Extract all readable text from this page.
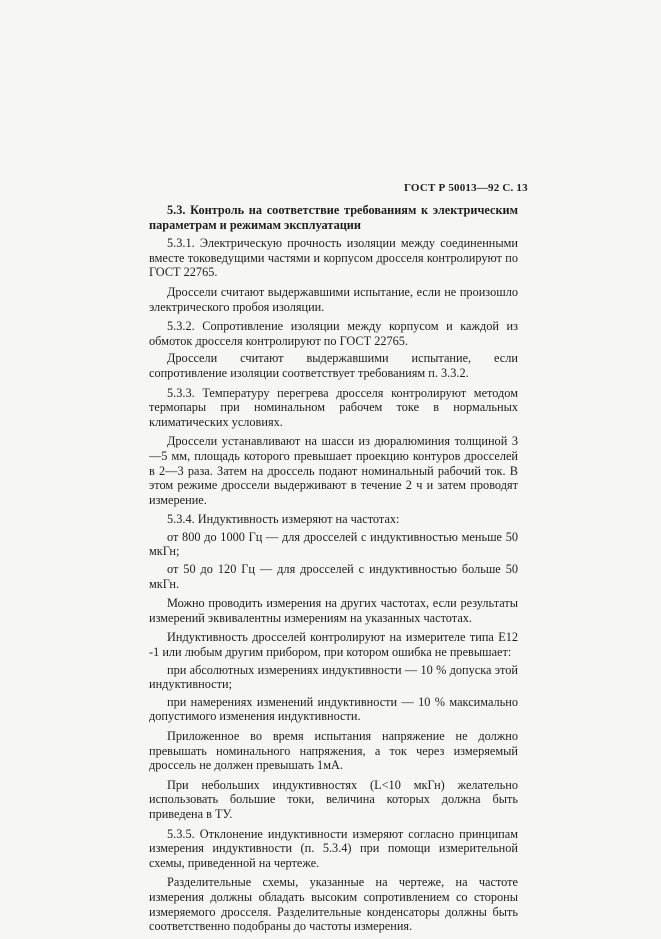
ГОСТ Р 50013—92 С. 13

5.3. Контроль на соответствие требованиям к электрическим параметрам и режимам эксплуатации

5.3.1. Электрическую прочность изоляции между соединенными вместе токоведущими частями и корпусом дросселя контролируют по ГОСТ 22765.

Дроссели считают выдержавшими испытание, если не произошло электрического пробоя изоляции.

5.3.2. Сопротивление изоляции между корпусом и каждой из обмоток дросселя контролируют по ГОСТ 22765.

Дроссели считают выдержавшими испытание, если сопротивление изоляции соответствует требованиям п. 3.3.2.

5.3.3. Температуру перегрева дросселя контролируют методом термопары при номинальном рабочем токе в нормальных климатических условиях.

Дроссели устанавливают на шасси из дюралюминия толщиной 3—5 мм, площадь которого превышает проекцию контуров дросселей в 2—3 раза. Затем на дроссель подают номинальный рабочий ток. В этом режиме дроссели выдерживают в течение 2 ч и затем проводят измерение.

5.3.4. Индуктивность измеряют на частотах:

от 800 до 1000 Гц — для дросселей с индуктивностью меньше 50 мкГн;

от 50 до 120 Гц — для дросселей с индуктивностью больше 50 мкГн.

Можно проводить измерения на других частотах, если результаты измерений эквивалентны измерениям на указанных частотах.

Индуктивность дросселей контролируют на измерителе типа Е12 -1 или любым другим прибором, при котором ошибка не превышает:

при абсолютных измерениях индуктивности — 10 % допуска этой индуктивности;

при намерениях изменений индуктивности — 10 % максимально допустимого изменения индуктивности.

Приложенное во время испытания напряжение не должно превышать номинального напряжения, а ток через измеряемый дроссель не должен превышать 1мА.

При небольших индуктивностях (L<10 мкГн) желательно использовать большие токи, величина которых должна быть приведена в ТУ.

5.3.5. Отклонение индуктивности измеряют согласно принципам измерения индуктивности (п. 5.3.4) при помощи измерительной схемы, приведенной на чертеже.

Разделительные схемы, указанные на чертеже, на частоте измерения должны обладать высоким сопротивлением со стороны измеряемого дросселя. Разделительные конденсаторы должны быть соответственно подобраны до частоты измерения.
